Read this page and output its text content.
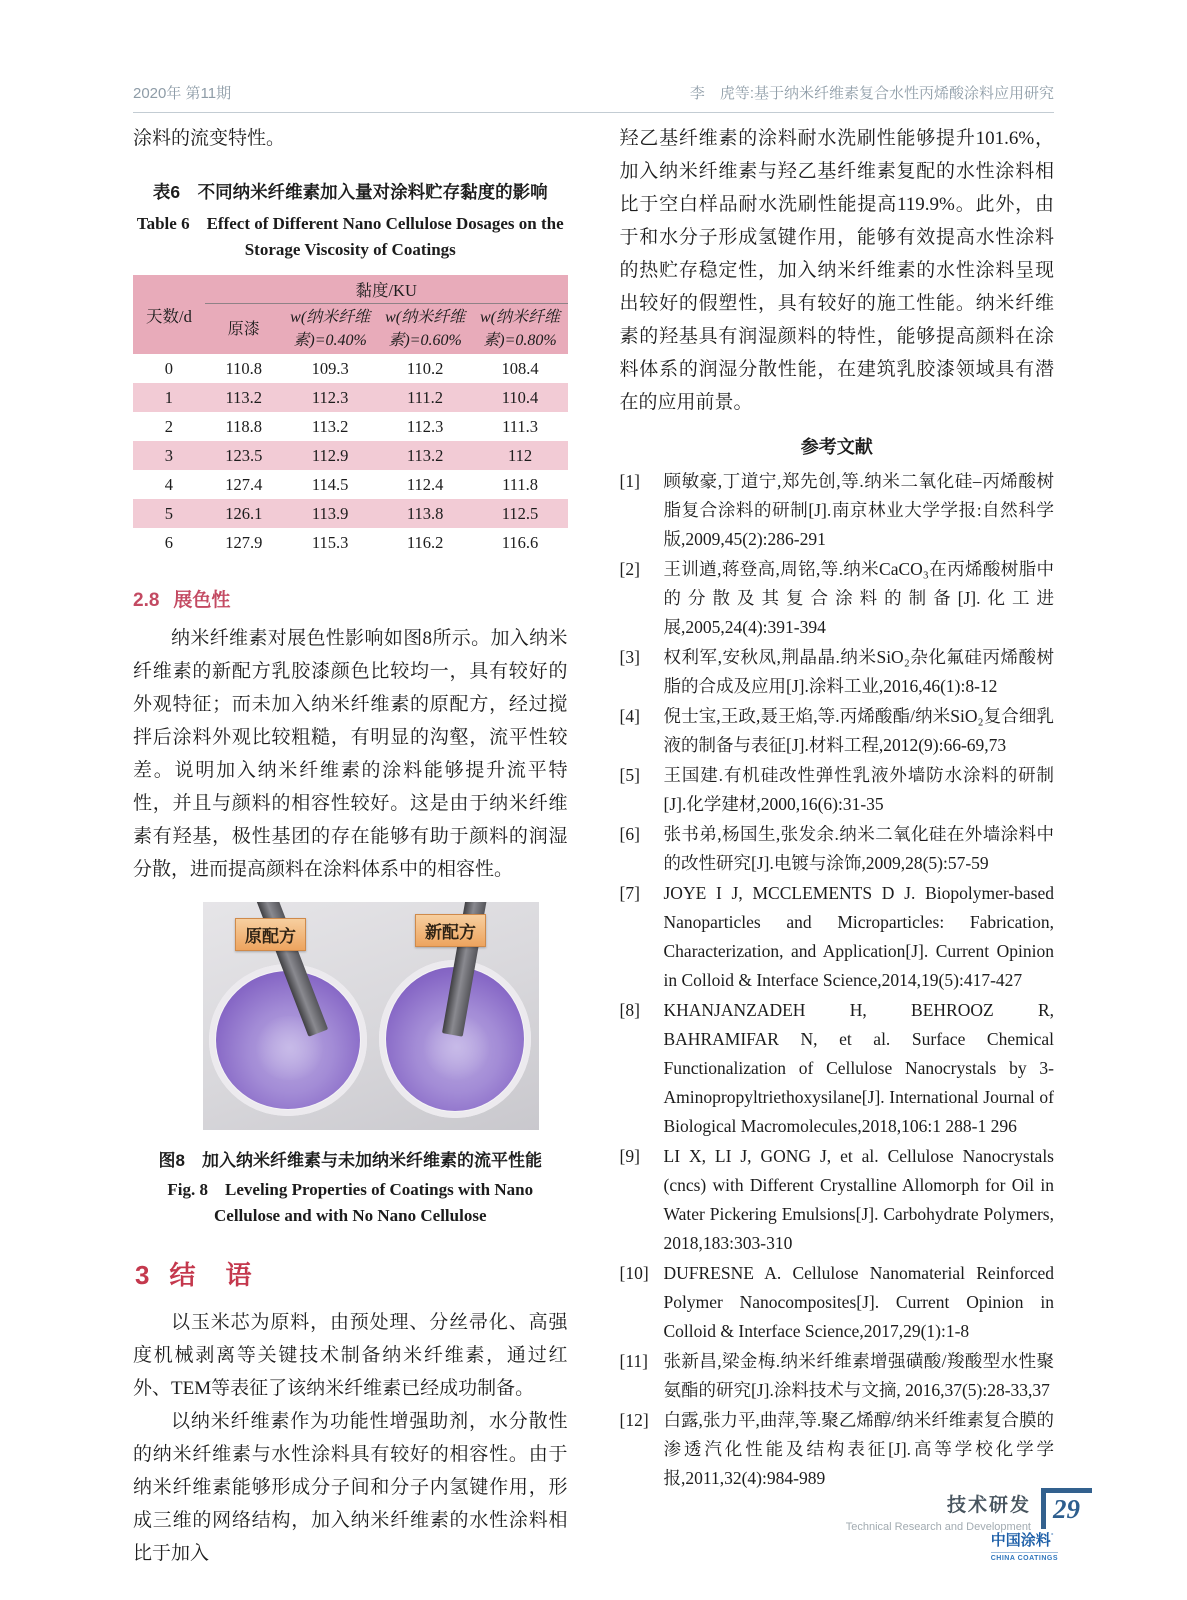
2020年 第11期	李　虎等:基于纳米纤维素复合水性丙烯酸涂料应用研究

涂料的流变特性。

表6　不同纳米纤维素加入量对涂料贮存黏度的影响
Table 6　Effect of Different Nano Cellulose Dosages on the
Storage Viscosity of Coatings
天数/d	黏度/KU			
	原漆	w(纳米纤维素)=0.40%	w(纳米纤维素)=0.60%	w(纳米纤维素)=0.80%
0	110.8	109.3	110.2	108.4
1	113.2	112.3	111.2	110.4
2	118.8	113.2	112.3	111.3
3	123.5	112.9	113.2	112
4	127.4	114.5	112.4	111.8
5	126.1	113.9	113.8	112.5
6	127.9	115.3	116.2	116.6
2.8 展色性

纳米纤维素对展色性影响如图8所示。加入纳米纤维素的新配方乳胶漆颜色比较均一，具有较好的外观特征；而未加入纳米纤维素的原配方，经过搅拌后涂料外观比较粗糙，有明显的沟壑，流平性较差。说明加入纳米纤维素的涂料能够提升流平特性，并且与颜料的相容性较好。这是由于纳米纤维素有羟基，极性基团的存在能够有助于颜料的润湿分散，进而提高颜料在涂料体系中的相容性。

原配方	新配方
图8　加入纳米纤维素与未加纳米纤维素的流平性能
Fig. 8　Leveling Properties of Coatings with Nano
Cellulose and with No Nano Cellulose
3 结　语

以玉米芯为原料，由预处理、分丝帚化、高强度机械剥离等关键技术制备纳米纤维素，通过红外、TEM等表征了该纳米纤维素已经成功制备。

以纳米纤维素作为功能性增强助剂，水分散性的纳米纤维素与水性涂料具有较好的相容性。由于纳米纤维素能够形成分子间和分子内氢键作用，形成三维的网络结构，加入纳米纤维素的水性涂料相比于加入

羟乙基纤维素的涂料耐水洗刷性能够提升101.6%，加入纳米纤维素与羟乙基纤维素复配的水性涂料相比于空白样品耐水洗刷性能提高119.9%。此外，由于和水分子形成氢键作用，能够有效提高水性涂料的热贮存稳定性，加入纳米纤维素的水性涂料呈现出较好的假塑性，具有较好的施工性能。纳米纤维素的羟基具有润湿颜料的特性，能够提高颜料在涂料体系的润湿分散性能，在建筑乳胶漆领域具有潜在的应用前景。

参考文献
[1]	顾敏豪,丁道宁,郑先创,等.纳米二氧化硅–丙烯酸树脂复合涂料的研制[J].南京林业大学学报:自然科学版,2009,45(2):286-291
[2]	王训遒,蒋登高,周铭,等.纳米CaCO₃在丙烯酸树脂中的分散及其复合涂料的制备[J].化工进展,2005,24(4):391-394
[3]	权利军,安秋凤,荆晶晶.纳米SiO₂杂化氟硅丙烯酸树脂的合成及应用[J].涂料工业,2016,46(1):8-12
[4]	倪士宝,王政,聂王焰,等.丙烯酸酯/纳米SiO₂复合细乳液的制备与表征[J].材料工程,2012(9):66-69,73
[5]	王国建.有机硅改性弹性乳液外墙防水涂料的研制[J].化学建材,2000,16(6):31-35
[6]	张书弟,杨国生,张发余.纳米二氧化硅在外墙涂料中的改性研究[J].电镀与涂饰,2009,28(5):57-59
[7]	JOYE I J, MCCLEMENTS D J. Biopolymer-based Nanoparticles and Microparticles: Fabrication, Characterization, and Application[J]. Current Opinion in Colloid & Interface Science,2014,19(5):417-427
[8]	KHANJANZADEH H, BEHROOZ R, BAHRAMIFAR N, et al. Surface Chemical Functionalization of Cellulose Nanocrystals by 3-Aminopropyltriethoxysilane[J]. International Journal of Biological Macromolecules,2018,106:1 288-1 296
[9]	LI X, LI J, GONG J, et al. Cellulose Nanocrystals (cncs) with Different Crystalline Allomorph for Oil in Water Pickering Emulsions[J]. Carbohydrate Polymers, 2018,183:303-310
[10] DUFRESNE A. Cellulose Nanomaterial Reinforced Polymer Nanocomposites[J]. Current Opinion in Colloid & Interface Science,2017,29(1):1-8
[11] 张新昌,梁金梅.纳米纤维素增强磺酸/羧酸型水性聚氨酯的研究[J].涂料技术与文摘, 2016,37(5):28-33,37
[12] 白露,张力平,曲萍,等.聚乙烯醇/纳米纤维素复合膜的渗透汽化性能及结构表征[J].高等学校化学学报,2011,32(4):984-989
中国涂料˚
CHINA COATINGS
技术研发
Technical Research and Development
29
